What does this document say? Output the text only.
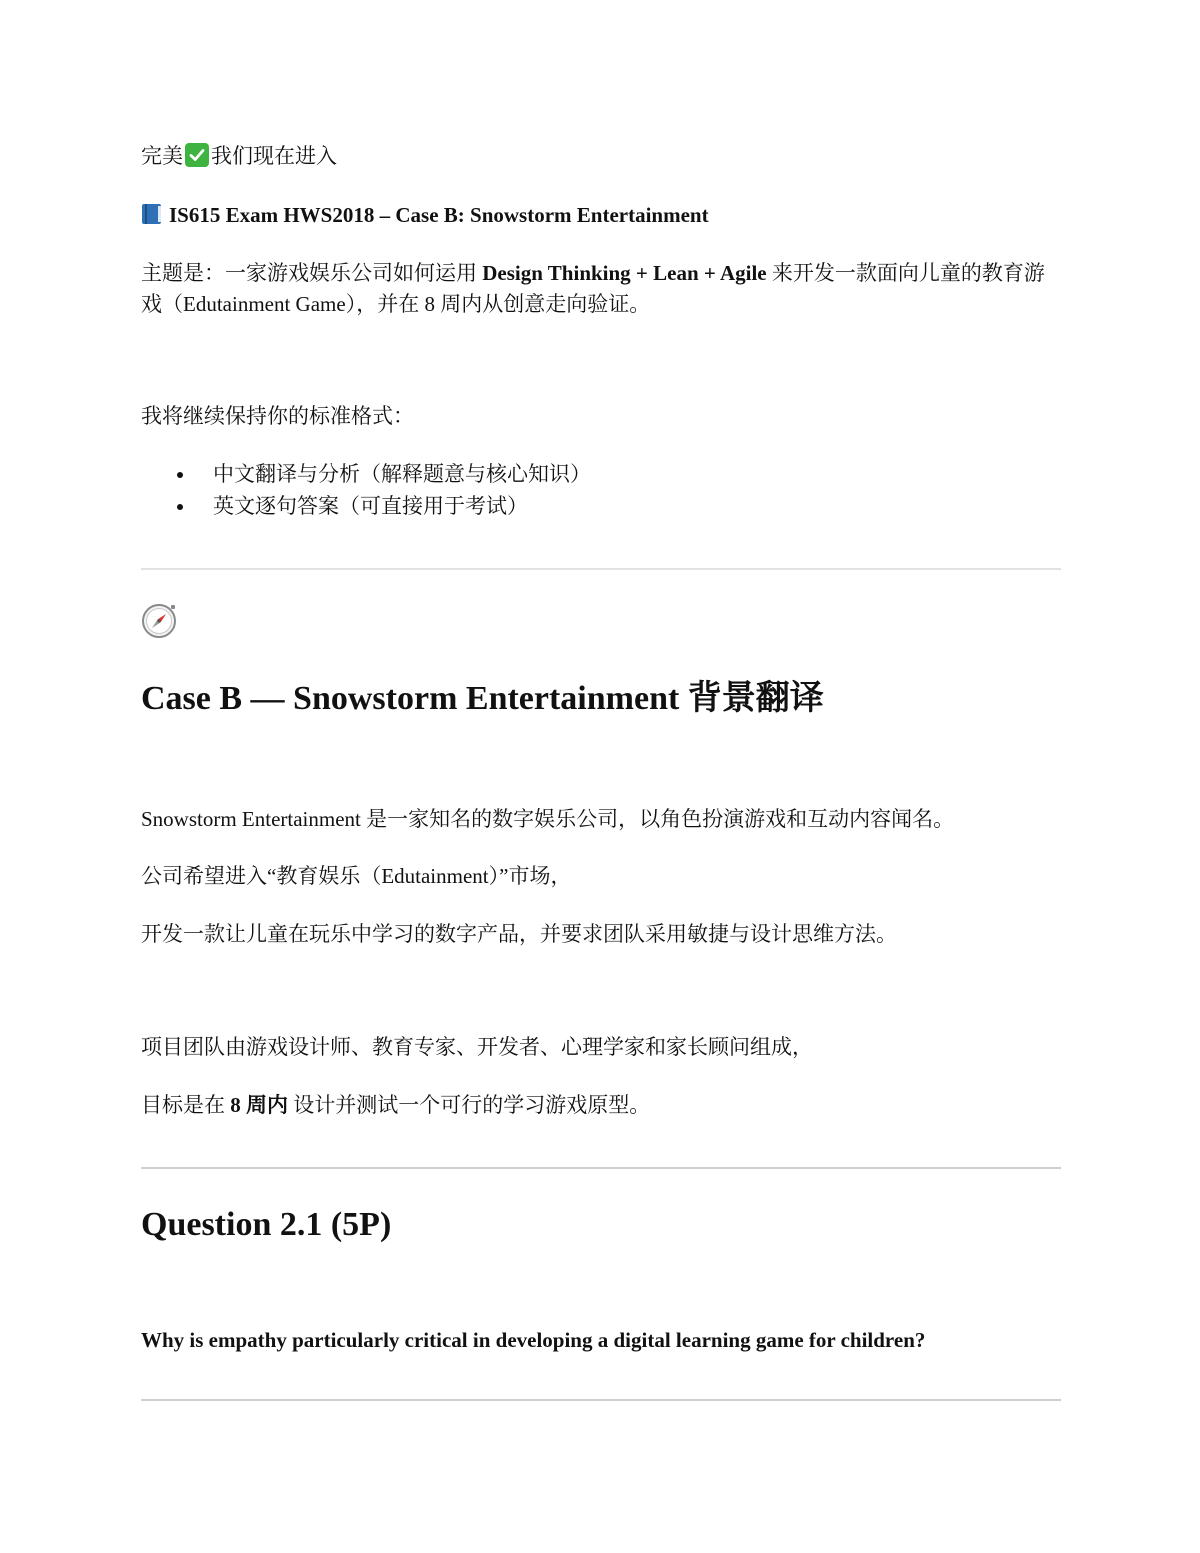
完美 我们现在进入
IS615 Exam HWS2018 – Case B: Snowstorm Entertainment
主题是：一家游戏娱乐公司如何运用 Design Thinking + Lean + Agile 来开发一款面向儿童的教育游戏（Edutainment Game），并在 8 周内从创意走向验证。
我将继续保持你的标准格式：
中文翻译与分析（解释题意与核心知识）
英文逐句答案（可直接用于考试）
Case B — Snowstorm Entertainment 背景翻译
Snowstorm Entertainment 是一家知名的数字娱乐公司，以角色扮演游戏和互动内容闻名。
公司希望进入“教育娱乐（Edutainment）”市场，
开发一款让儿童在玩乐中学习的数字产品，并要求团队采用敏捷与设计思维方法。
项目团队由游戏设计师、教育专家、开发者、心理学家和家长顾问组成，
目标是在 8 周内 设计并测试一个可行的学习游戏原型。
Question 2.1 (5P)
Why is empathy particularly critical in developing a digital learning game for children?
